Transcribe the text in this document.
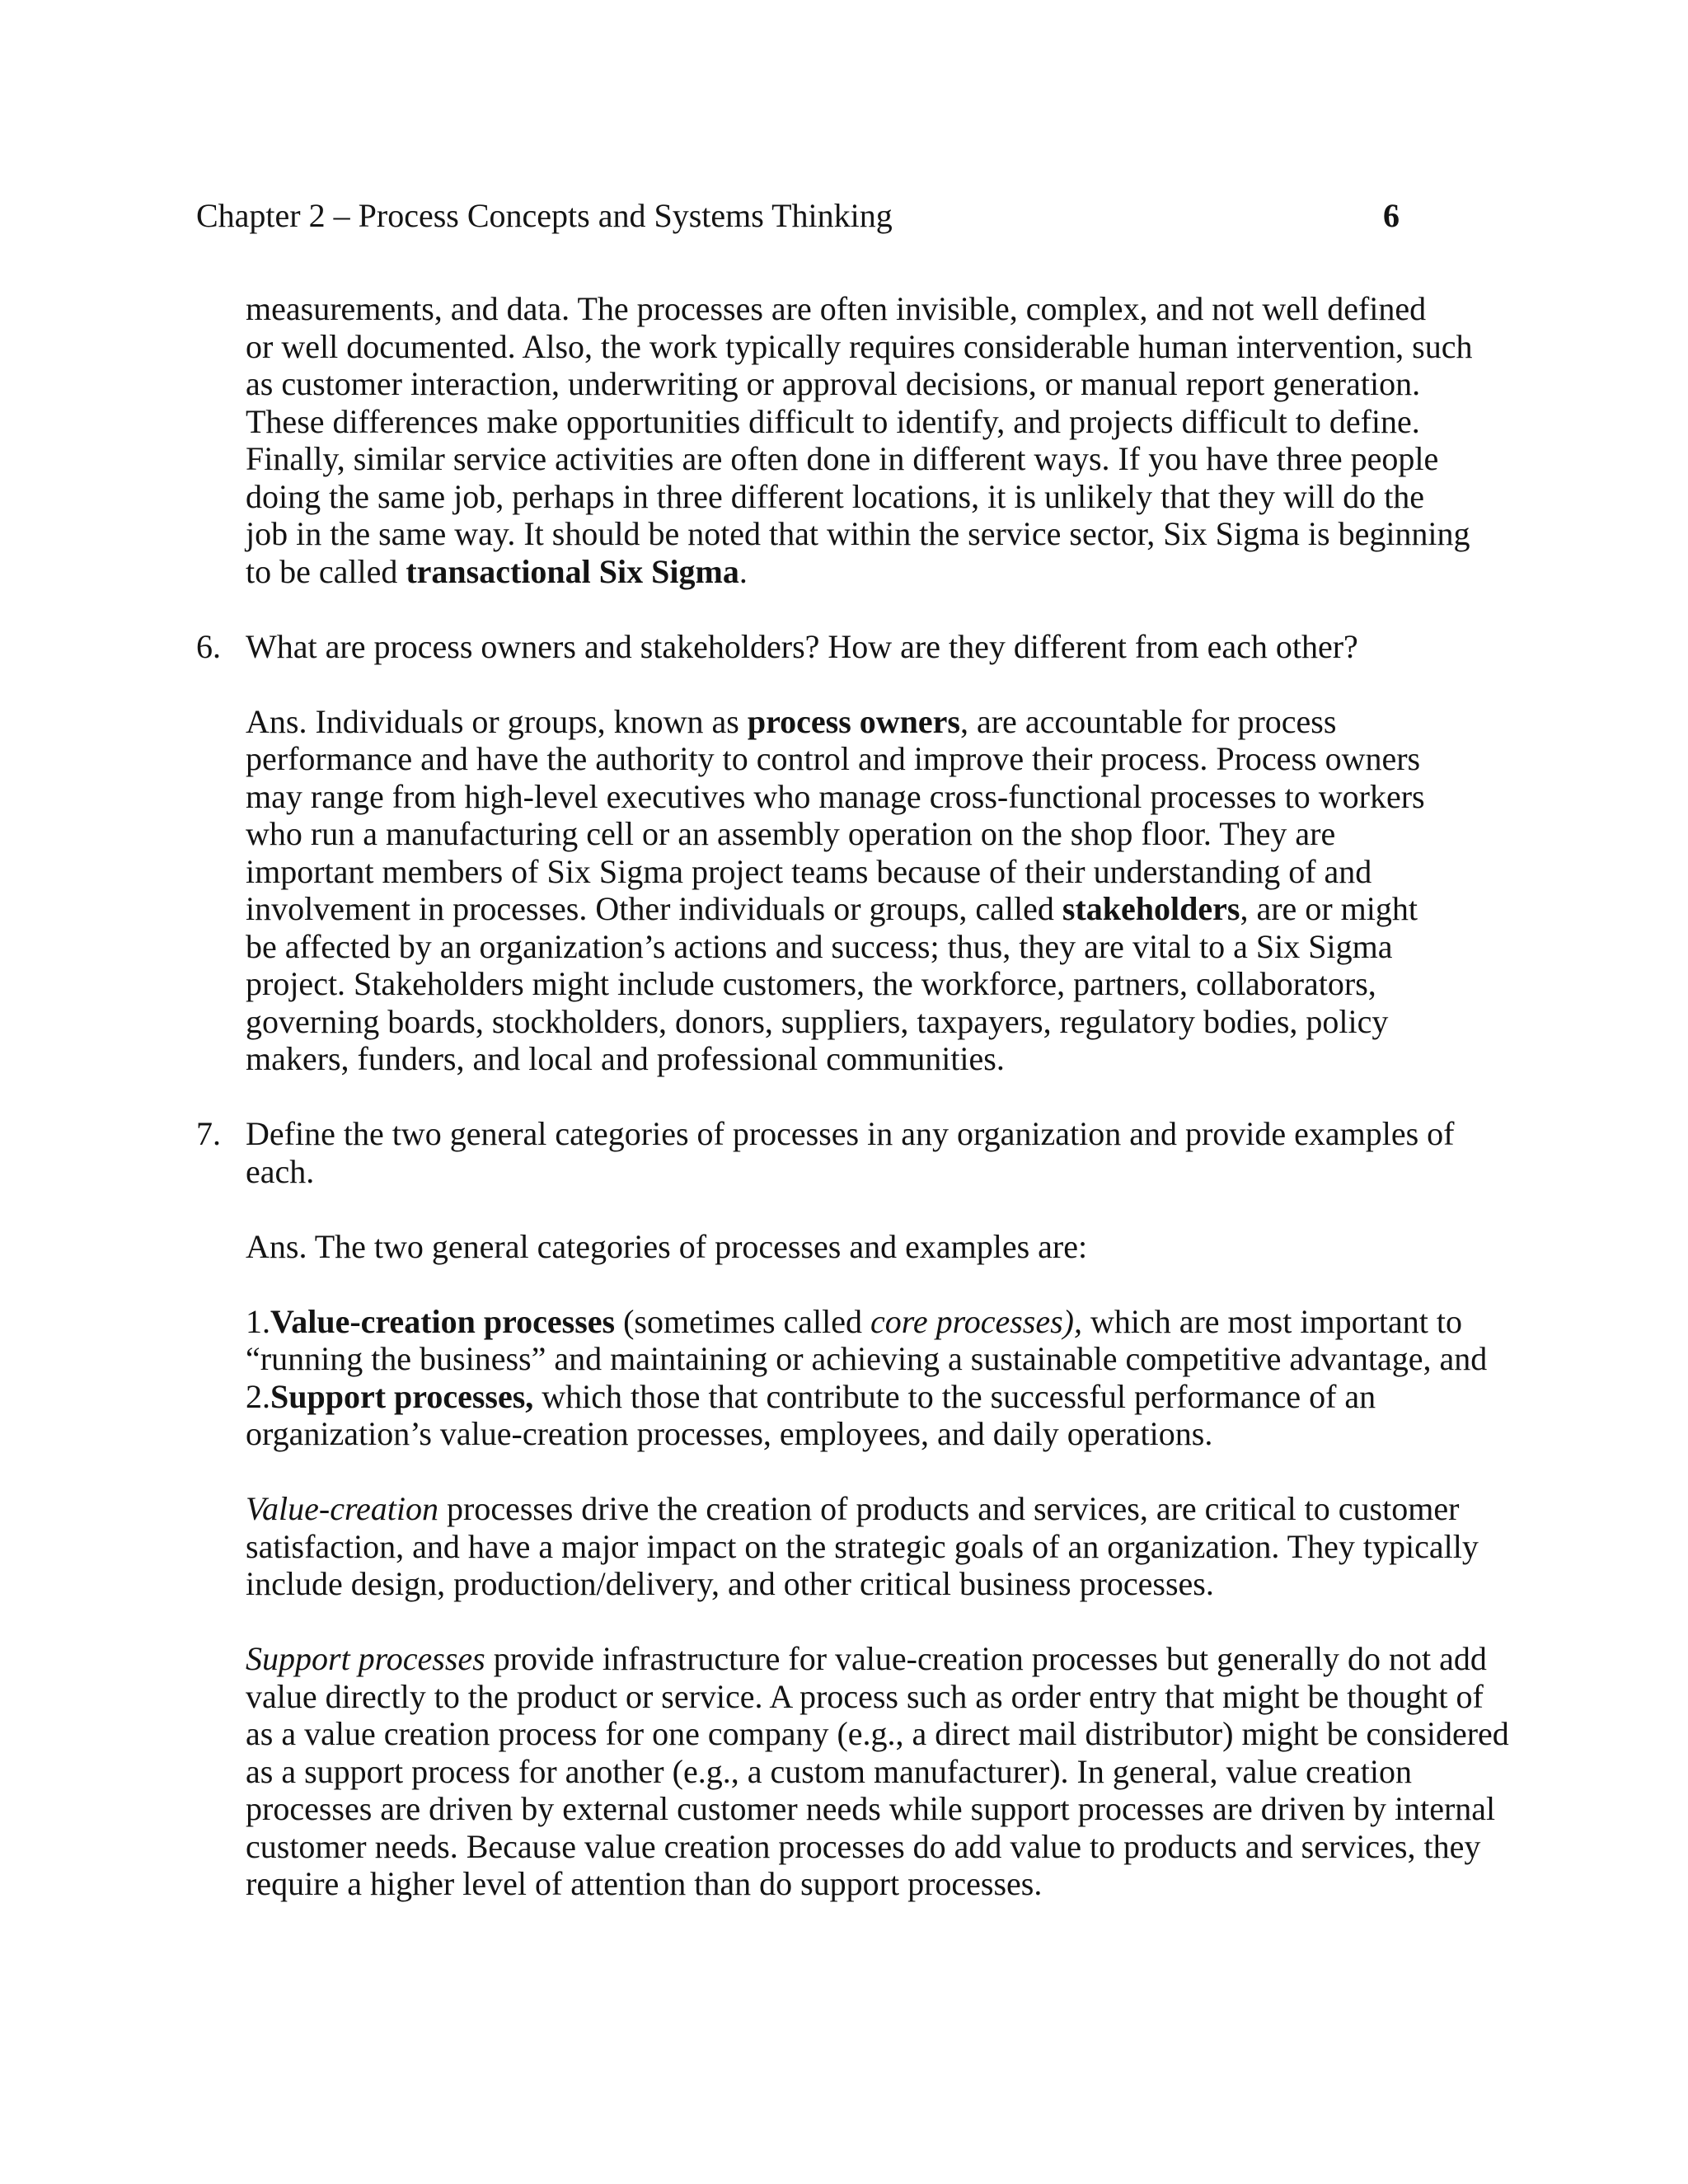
Chapter 2 – Process Concepts and Systems Thinking	6

measurements, and data. The processes are often invisible, complex, and not well defined
or well documented. Also, the work typically requires considerable human intervention, such
as customer interaction, underwriting or approval decisions, or manual report generation.
These differences make opportunities difficult to identify, and projects difficult to define.
Finally, similar service activities are often done in different ways. If you have three people
doing the same job, perhaps in three different locations, it is unlikely that they will do the
job in the same way. It should be noted that within the service sector, Six Sigma is beginning
to be called transactional Six Sigma.

6. What are process owners and stakeholders? How are they different from each other?

Ans. Individuals or groups, known as process owners, are accountable for process
performance and have the authority to control and improve their process. Process owners
may range from high-level executives who manage cross-functional processes to workers
who run a manufacturing cell or an assembly operation on the shop floor. They are
important members of Six Sigma project teams because of their understanding of and
involvement in processes. Other individuals or groups, called stakeholders, are or might
be affected by an organization’s actions and success; thus, they are vital to a Six Sigma
project. Stakeholders might include customers, the workforce, partners, collaborators,
governing boards, stockholders, donors, suppliers, taxpayers, regulatory bodies, policy
makers, funders, and local and professional communities.

7. Define the two general categories of processes in any organization and provide examples of
each.

Ans. The two general categories of processes and examples are:

1.Value-creation processes (sometimes called core processes), which are most important to
“running the business” and maintaining or achieving a sustainable competitive advantage, and
2.Support processes, which those that contribute to the successful performance of an
organization’s value-creation processes, employees, and daily operations.

Value-creation processes drive the creation of products and services, are critical to customer
satisfaction, and have a major impact on the strategic goals of an organization. They typically
include design, production/delivery, and other critical business processes.

Support processes provide infrastructure for value-creation processes but generally do not add
value directly to the product or service. A process such as order entry that might be thought of
as a value creation process for one company (e.g., a direct mail distributor) might be considered
as a support process for another (e.g., a custom manufacturer). In general, value creation
processes are driven by external customer needs while support processes are driven by internal
customer needs. Because value creation processes do add value to products and services, they
require a higher level of attention than do support processes.
